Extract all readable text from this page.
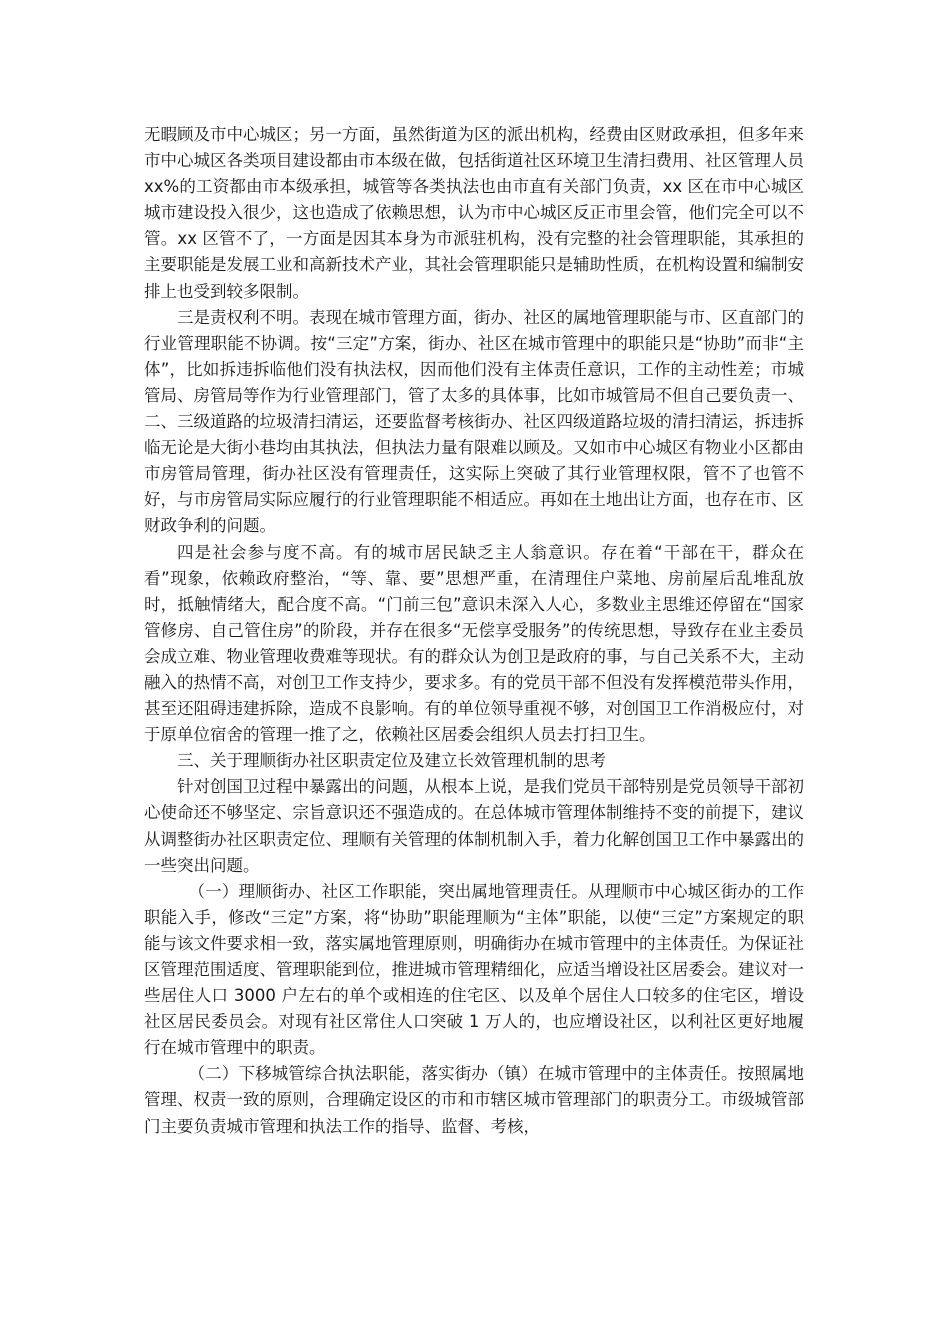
无暇顾及市中心城区；另一方面，虽然街道为区的派出机构，经费由区财政承担，但多年来市中心城区各类项目建设都由市本级在做，包括街道社区环境卫生清扫费用、社区管理人员 xx%的工资都由市本级承担，城管等各类执法也由市直有关部门负责，xx 区在市中心城区城市建设投入很少，这也造成了依赖思想，认为市中心城区反正市里会管，他们完全可以不管。xx 区管不了，一方面是因其本身为市派驻机构，没有完整的社会管理职能，其承担的主要职能是发展工业和高新技术产业，其社会管理职能只是辅助性质，在机构设置和编制安排上也受到较多限制。

三是责权利不明。表现在城市管理方面，街办、社区的属地管理职能与市、区直部门的行业管理职能不协调。按“三定”方案，街办、社区在城市管理中的职能只是“协助”而非“主体”，比如拆违拆临他们没有执法权，因而他们没有主体责任意识，工作的主动性差；市城管局、房管局等作为行业管理部门，管了太多的具体事，比如市城管局不但自己要负责一、二、三级道路的垃圾清扫清运，还要监督考核街办、社区四级道路垃圾的清扫清运，拆违拆临无论是大街小巷均由其执法，但执法力量有限难以顾及。又如市中心城区有物业小区都由市房管局管理，街办社区没有管理责任，这实际上突破了其行业管理权限，管不了也管不好，与市房管局实际应履行的行业管理职能不相适应。再如在土地出让方面，也存在市、区财政争利的问题。

四是社会参与度不高。有的城市居民缺乏主人翁意识。存在着“干部在干，群众在看”现象，依赖政府整治，“等、靠、要”思想严重，在清理住户菜地、房前屋后乱堆乱放时，抵触情绪大，配合度不高。“门前三包”意识未深入人心，多数业主思维还停留在“国家管修房、自己管住房”的阶段，并存在很多“无偿享受服务”的传统思想，导致存在业主委员会成立难、物业管理收费难等现状。有的群众认为创卫是政府的事，与自己关系不大，主动融入的热情不高，对创卫工作支持少，要求多。有的党员干部不但没有发挥模范带头作用，甚至还阻碍违建拆除，造成不良影响。有的单位领导重视不够，对创国卫工作消极应付，对于原单位宿舍的管理一推了之，依赖社区居委会组织人员去打扫卫生。

三、关于理顺街办社区职责定位及建立长效管理机制的思考

针对创国卫过程中暴露出的问题，从根本上说，是我们党员干部特别是党员领导干部初心使命还不够坚定、宗旨意识还不强造成的。在总体城市管理体制维持不变的前提下，建议从调整街办社区职责定位、理顺有关管理的体制机制入手，着力化解创国卫工作中暴露出的一些突出问题。

（一）理顺街办、社区工作职能，突出属地管理责任。从理顺市中心城区街办的工作职能入手，修改“三定”方案，将“协助”职能理顺为“主体”职能，以使“三定”方案规定的职能与该文件要求相一致，落实属地管理原则，明确街办在城市管理中的主体责任。为保证社区管理范围适度、管理职能到位，推进城市管理精细化，应适当增设社区居委会。建议对一些居住人口 3000 户左右的单个或相连的住宅区、以及单个居住人口较多的住宅区，增设社区居民委员会。对现有社区常住人口突破 1 万人的，也应增设社区，以利社区更好地履行在城市管理中的职责。

（二）下移城管综合执法职能，落实街办（镇）在城市管理中的主体责任。按照属地管理、权责一致的原则，合理确定设区的市和市辖区城市管理部门的职责分工。市级城管部门主要负责城市管理和执法工作的指导、监督、考核，
